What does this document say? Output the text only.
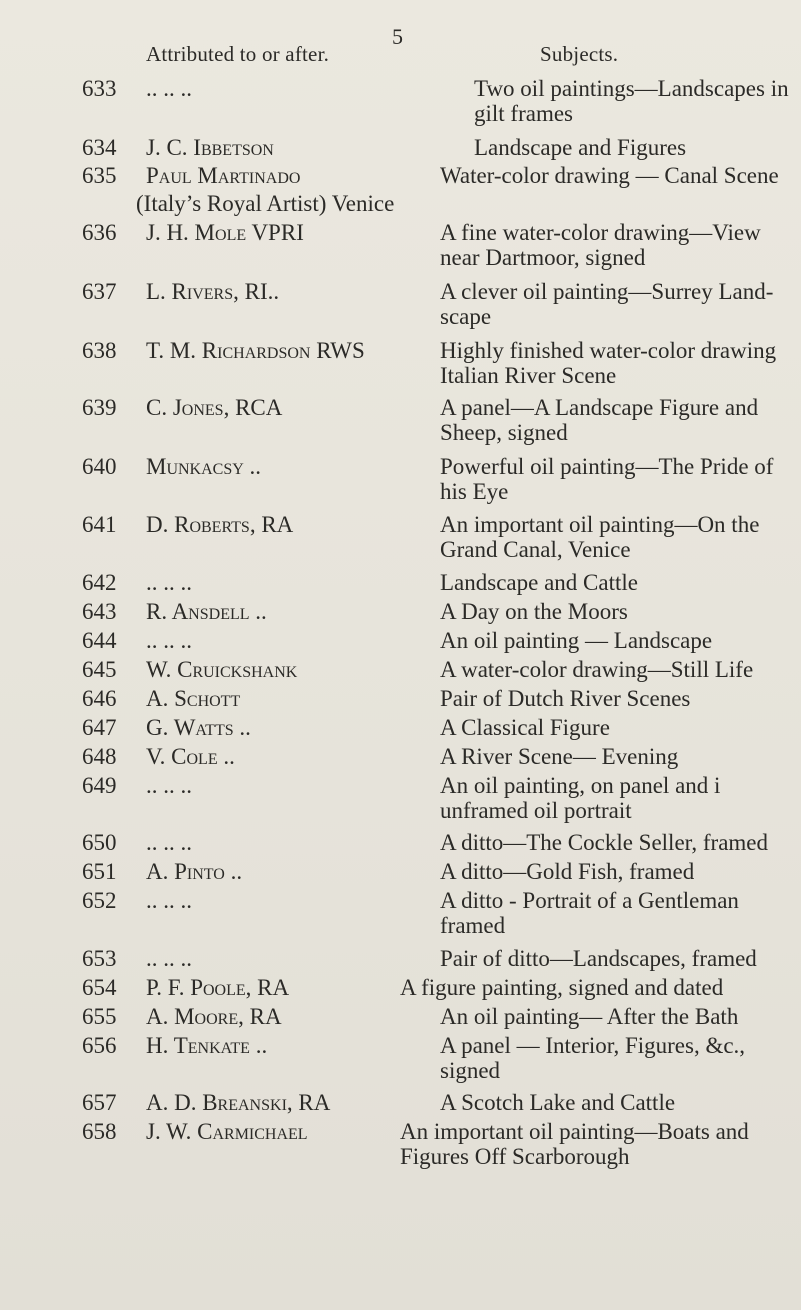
5
Attributed to or after.	Subjects.
633	.. .. ..	Two oil paintings—Landscapes in gilt frames
634	J. C. Ibbetson	Landscape and Figures
635	Paul Martinado	Water-color drawing — Canal Scene
(Italy’s Royal Artist) Venice
636	J. H. Mole VPRI	A fine water-color drawing—View near Dartmoor, signed
637	L. Rivers, RI..	A clever oil painting—Surrey Land-scape
638	T. M. Richardson RWS	Highly finished water-color drawing Italian River Scene
639	C. Jones, RCA	A panel—A Landscape Figure and Sheep, signed
640	Munkacsy ..	Powerful oil painting—The Pride of his Eye
641	D. Roberts, RA	An important oil painting—On the Grand Canal, Venice
642	.. .. ..	Landscape and Cattle
643	R. Ansdell ..	A Day on the Moors
644	.. .. ..	An oil painting — Landscape
645	W. Cruickshank	A water-color drawing—Still Life
646	A. Schott	Pair of Dutch River Scenes
647	G. Watts ..	A Classical Figure
648	V. Cole ..	A River Scene— Evening
649	.. .. ..	An oil painting, on panel and i unframed oil portrait
650	.. .. ..	A ditto—The Cockle Seller, framed
651	A. Pinto ..	A ditto—Gold Fish, framed
652	.. .. ..	A ditto - Portrait of a Gentleman framed
653	.. .. ..	Pair of ditto—Landscapes, framed
654	P. F. Poole, RA	A figure painting, signed and dated
655	A. Moore, RA	An oil painting— After the Bath
656	H. Tenkate ..	A panel — Interior, Figures, &c., signed
657	A. D. Breanski, RA	A Scotch Lake and Cattle
658	J. W. Carmichael	An important oil painting—Boats and Figures Off Scarborough
